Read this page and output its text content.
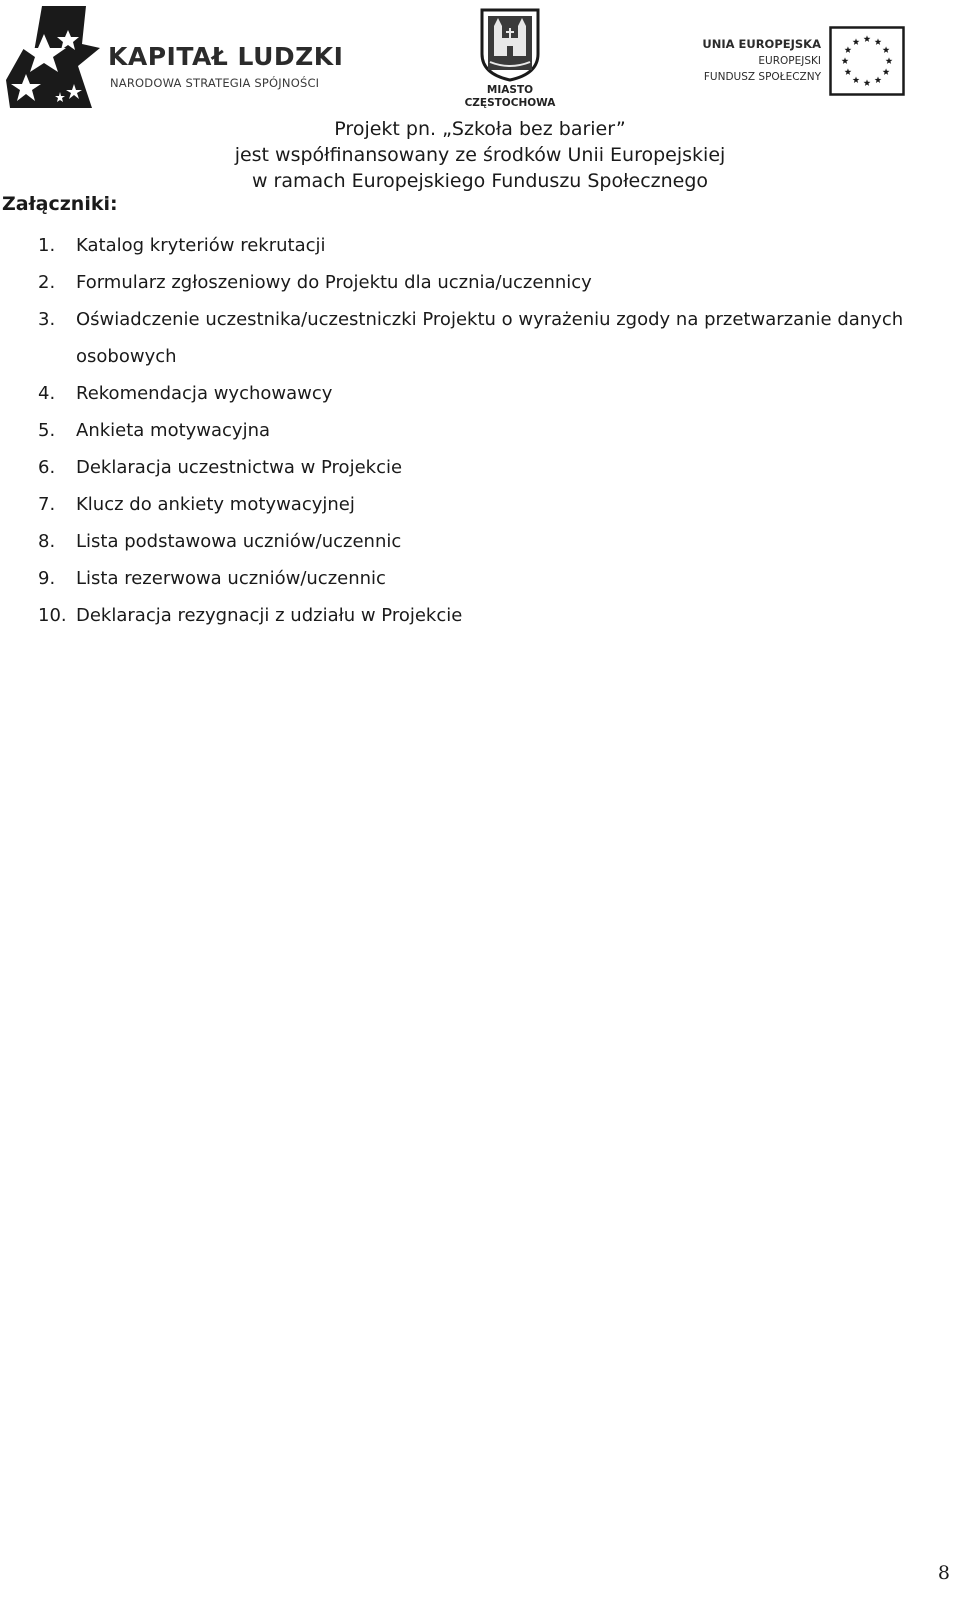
KAPITAŁ LUDZKI
NARODOWA STRATEGIA SPÓJNOŚCI	MIASTO
CZĘSTOCHOWA
UNIA EUROPEJSKA
EUROPEJSKI
FUNDUSZ SPOŁECZNY
Projekt pn. „Szkoła bez barier”
jest współfinansowany ze środków Unii Europejskiej
w ramach Europejskiego Funduszu Społecznego
Załączniki:
1.	Katalog kryteriów rekrutacji
2.	Formularz zgłoszeniowy do Projektu dla ucznia/uczennicy
3.	Oświadczenie uczestnika/uczestniczki Projektu o wyrażeniu zgody na przetwarzanie danych osobowych
4.	Rekomendacja wychowawcy
5.	Ankieta motywacyjna
6.	Deklaracja uczestnictwa w Projekcie
7.	Klucz do ankiety motywacyjnej
8.	Lista podstawowa uczniów/uczennic
9.	Lista rezerwowa uczniów/uczennic
10. Deklaracja rezygnacji z udziału w Projekcie
8
